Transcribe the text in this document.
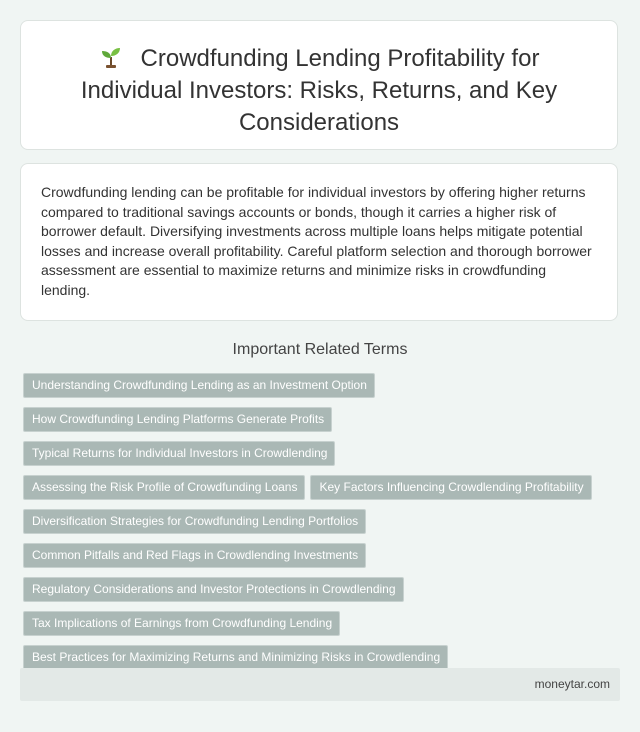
Crowdfunding Lending Profitability for Individual Investors: Risks, Returns, and Key Considerations

Crowdfunding lending can be profitable for individual investors by offering higher returns compared to traditional savings accounts or bonds, though it carries a higher risk of borrower default. Diversifying investments across multiple loans helps mitigate potential losses and increase overall profitability. Careful platform selection and thorough borrower assessment are essential to maximize returns and minimize risks in crowdfunding lending.

Important Related Terms
Understanding Crowdfunding Lending as an Investment Option
How Crowdfunding Lending Platforms Generate Profits
Typical Returns for Individual Investors in Crowdlending
Assessing the Risk Profile of Crowdfunding Loans Key Factors Influencing Crowdlending Profitability
Diversification Strategies for Crowdfunding Lending Portfolios
Common Pitfalls and Red Flags in Crowdlending Investments
Regulatory Considerations and Investor Protections in Crowdlending
Tax Implications of Earnings from Crowdfunding Lending
Best Practices for Maximizing Returns and Minimizing Risks in Crowdlending
moneytar.com
